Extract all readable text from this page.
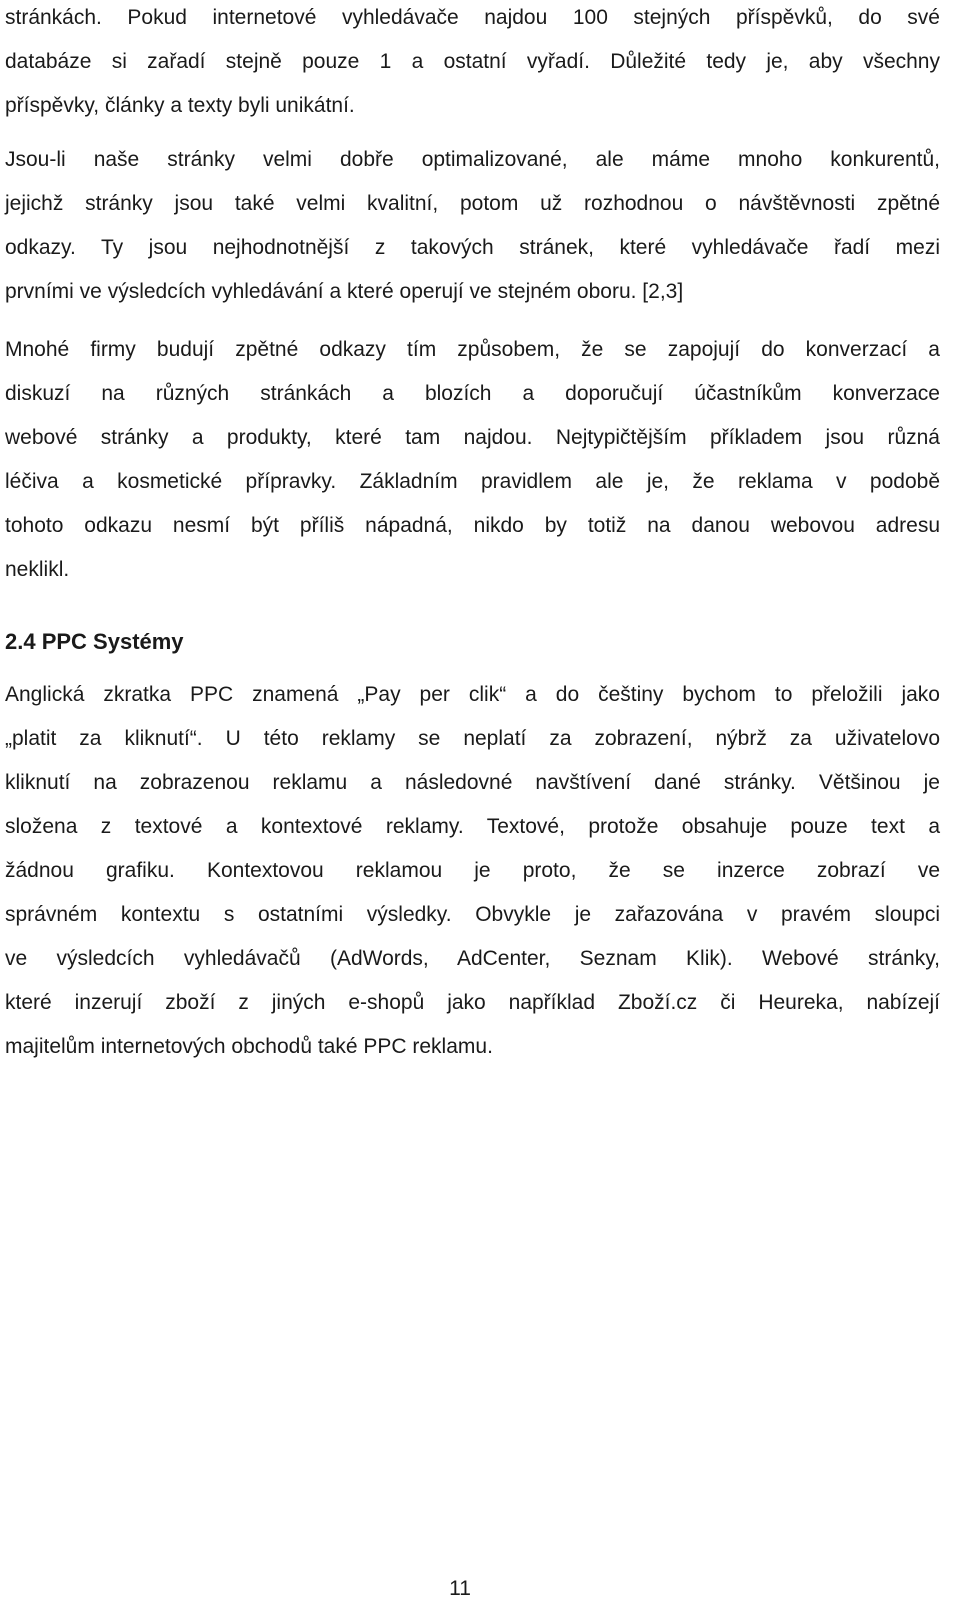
stránkách. Pokud internetové vyhledávače najdou 100 stejných příspěvků, do své
databáze si zařadí stejně pouze 1 a ostatní vyřadí. Důležité tedy je, aby všechny
příspěvky, články a texty byli unikátní.
Jsou-li naše stránky velmi dobře optimalizované, ale máme mnoho konkurentů,
jejichž stránky jsou také velmi kvalitní, potom už rozhodnou o návštěvnosti zpětné
odkazy. Ty jsou nejhodnotnější z takových stránek, které vyhledávače řadí mezi
prvními ve výsledcích vyhledávání a které operují ve stejném oboru. [2,3]
Mnohé firmy budují zpětné odkazy tím způsobem, že se zapojují do konverzací a
diskuzí na různých stránkách a blozích a doporučují účastníkům konverzace
webové stránky a produkty, které tam najdou. Nejtypičtějším příkladem jsou různá
léčiva a kosmetické přípravky. Základním pravidlem ale je, že reklama v podobě
tohoto odkazu nesmí být příliš nápadná, nikdo by totiž na danou webovou adresu
neklikl.
2.4 PPC Systémy
Anglická zkratka PPC znamená „Pay per clik“ a do češtiny bychom to přeložili jako
„platit za kliknutí“. U této reklamy se neplatí za zobrazení, nýbrž za uživatelovo
kliknutí na zobrazenou reklamu a následovné navštívení dané stránky. Většinou je
složena z textové a kontextové reklamy. Textové, protože obsahuje pouze text a
žádnou grafiku. Kontextovou reklamou je proto, že se inzerce zobrazí ve
správném kontextu s ostatními výsledky. Obvykle je zařazována v pravém sloupci
ve výsledcích vyhledávačů (AdWords, AdCenter, Seznam Klik). Webové stránky,
které inzerují zboží z jiných e-shopů jako například Zboží.cz či Heureka, nabízejí
majitelům internetových obchodů také PPC reklamu.
11
